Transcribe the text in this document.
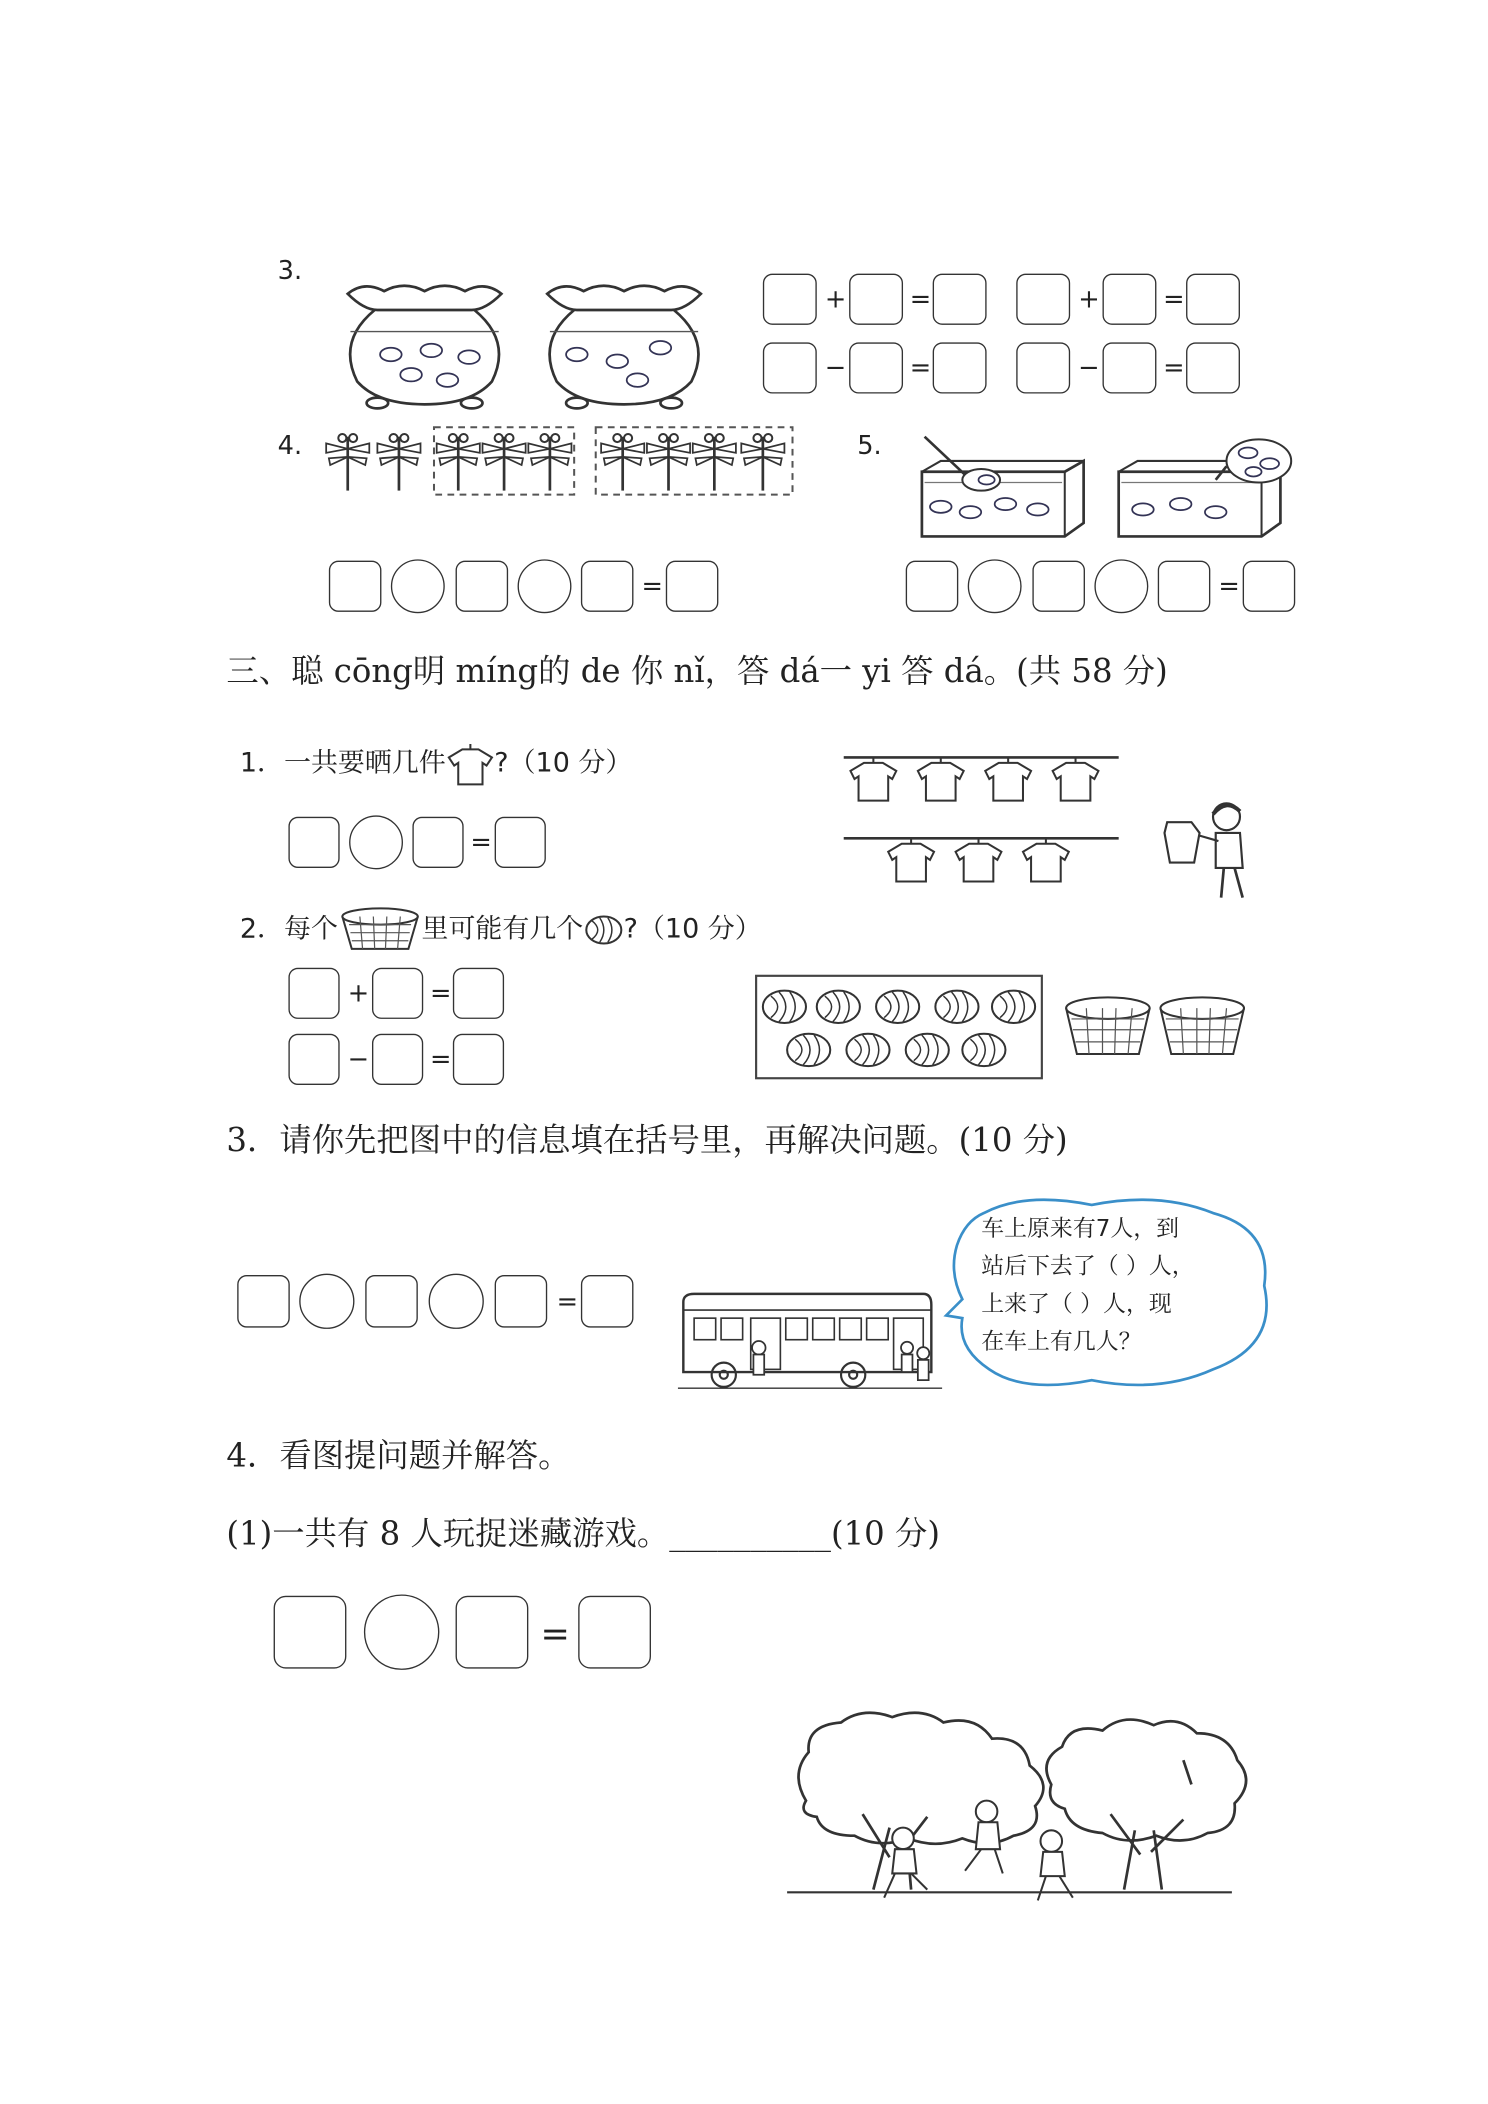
3.
+	=	+	=
−	=	−	=
4.
=
5.
=
三、聪 cōng明 míng的 de 你 nǐ，答 dá一 yi 答 dá。(共 58 分)
1．一共要晒几件 ?（10 分）
=
2．每个	里可能有几个 ?（10 分）
+	=
−	=
3．请你先把图中的信息填在括号里，再解决问题。(10 分)
=
车上原来有7人，到
站后下去了（ ）人，
上来了（ ）人，现
在车上有几人？
4．看图提问题并解答。
(1)一共有 8 人玩捉迷藏游戏。__________(10 分)
=
